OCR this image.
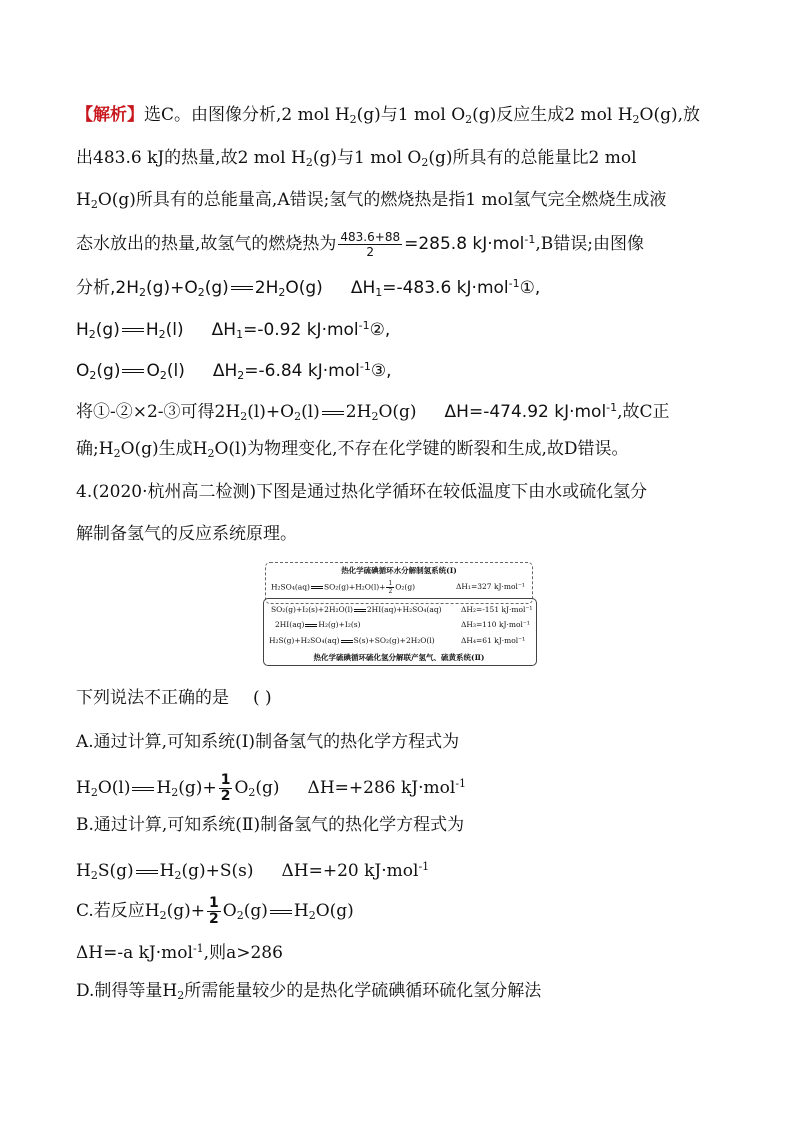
【解析】选C。由图像分析,2 mol $H_2(g)$与1 mol $O_2(g)$反应生成2 mol $H_2O(g)$,放
出483.6 kJ的热量,故2 mol $H_2(g)$与1 mol $O_2(g)$所具有的总能量比2 mol
$H_2O(g)$所具有的总能量高,A错误;氢气的燃烧热是指1 mol氢气完全燃烧生成液
态水放出的热量,故氢气的燃烧热为 $\frac{483.6+88}{2} =285.8$ kJ·mol$^{-1}$,B错误;由图像
分析$,2H_2(g)+O_2(g)$ $2H_2O(g)$ $\Delta H_1=-483.6$ kJ·mol$^{-1}$①,
$H_2(g)$ $H_2(l)$ $\Delta H_1=-0.92$ kJ·mol$^{-1}$②,
$O_2(g)$ $O_2(l)$ $\Delta H_2=-6.84$ kJ·mol$^{-1}$③,
将①-②×2-③可得$2H_2(l)+O_2(l)$ $2H_2O(g)$ ΔH=-474.92 kJ·mol$^{-1}$,故C正
确$;H_2O(g)$生成$H_2O(l)$为物理变化,不存在化学键的断裂和生成,故D错误。
4.(2020·杭州高二检测)下图是通过热化学循环在较低温度下由水或硫化氢分
解制备氢气的反应系统原理。
热化学硫碘循环水分解制氢系统(Ⅰ)
H₂SO₄(aq) $SO_2(g)+H_2O(l)+ \frac{1}{2} O_2(g)$	ΔH₁=327 kJ·mol⁻¹
SO₂(g)+I₂(s)+2H₂O(l) 2HI(aq)+H₂SO₄(aq)	ΔH₂=-151 kJ·mol⁻¹
2HI(aq) H₂(g)+I₂(s)	ΔH₃=110 kJ·mol⁻¹
H₂S(g)+H₂SO₄(aq) S(s)+SO₂(g)+2H₂O(l)	ΔH₄=61 kJ·mol⁻¹
热化学硫碘循环硫化氢分解联产氢气、硫黄系统(Ⅱ)
下列说法不正确的是 ( )
A.通过计算,可知系统(Ⅰ)制备氢气的热化学方程式为
$H_2O(l)$ $H_2(g)+ \frac{1}{2} O_2(g)$ ΔH=+286 kJ·mol$^{-1}$
B.通过计算,可知系统(Ⅱ)制备氢气的热化学方程式为
$H_2S(g)$ $H_2(g)+S(s)$ ΔH=+20 kJ·mol$^{-1}$
C.若反应$H_2(g)+ \frac{1}{2} O_2(g)$ $H_2O(g)$
ΔH=-a kJ·mol$^{-1}$,则a>286
D.制得等量$H_2$所需能量较少的是热化学硫碘循环硫化氢分解法
